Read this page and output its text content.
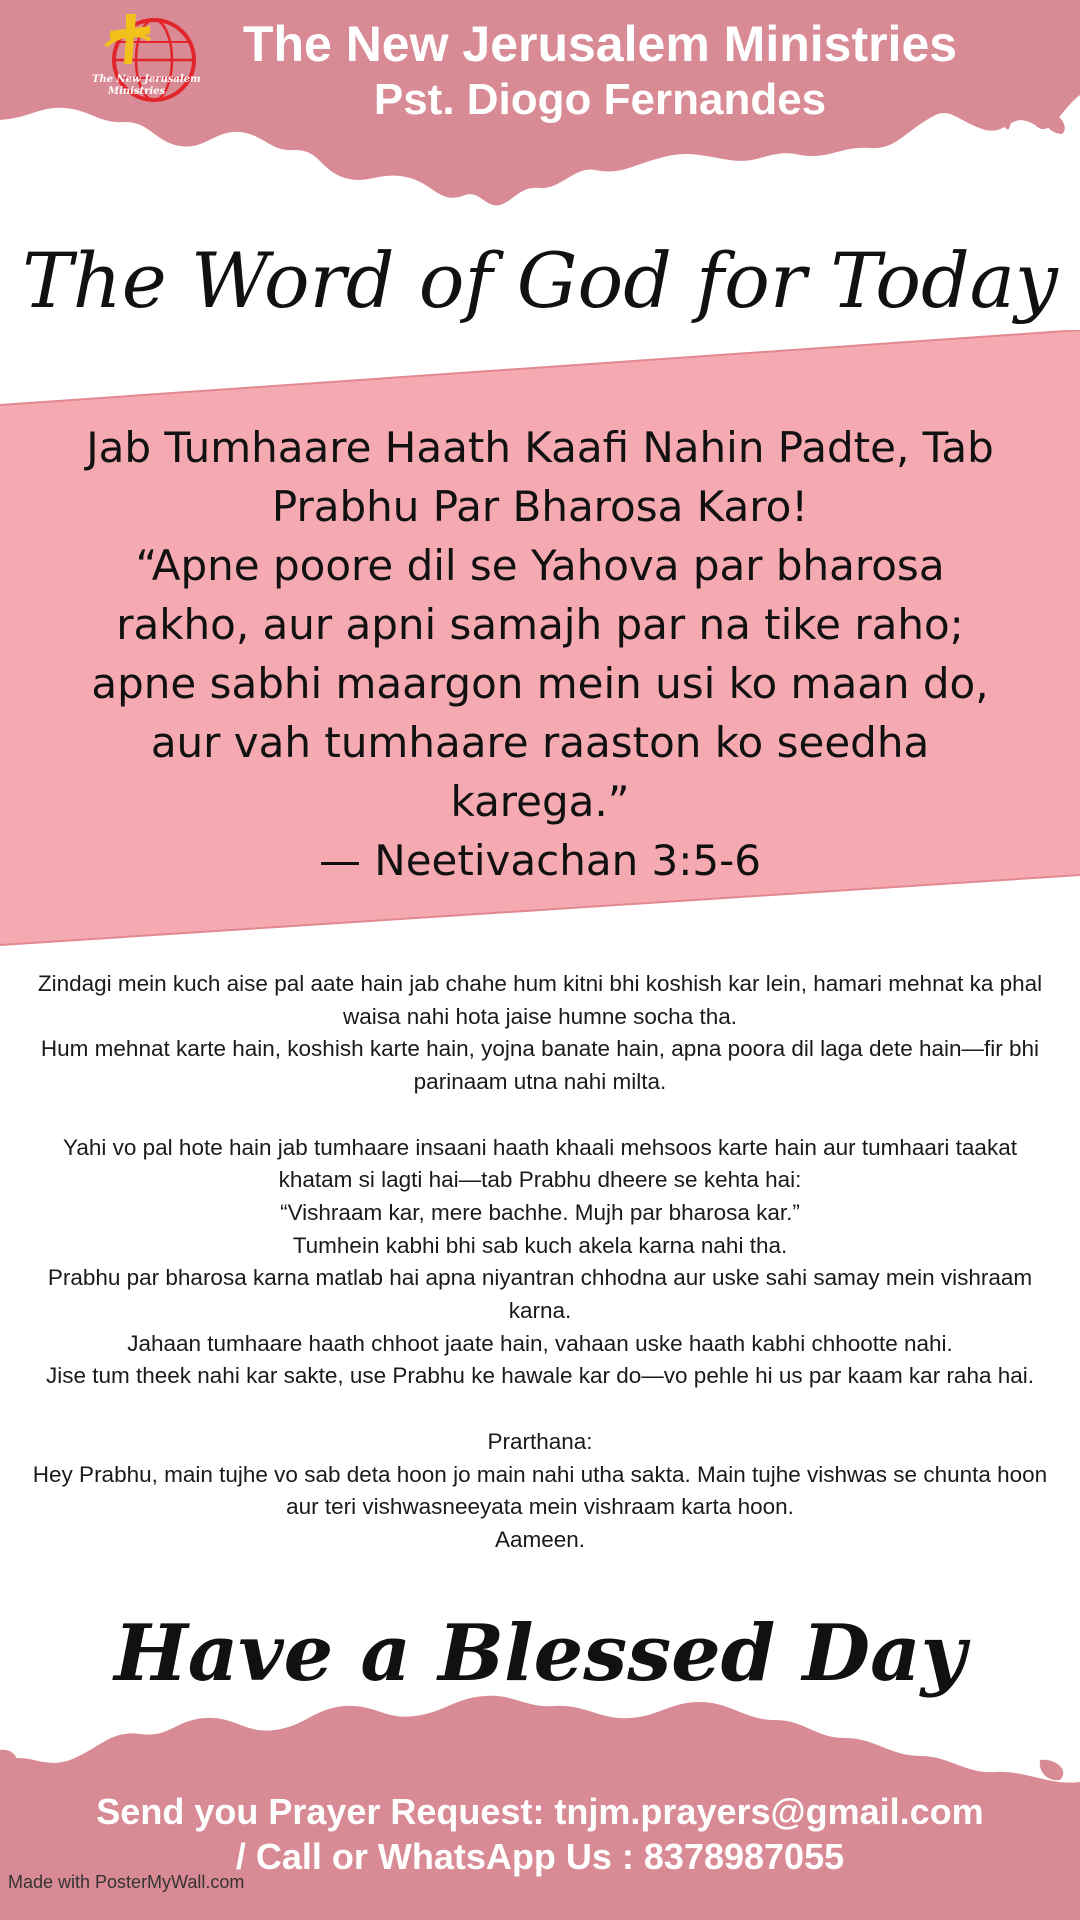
The New Jerusalem
Ministries
The New Jerusalem Ministries
Pst. Diogo Fernandes
The Word of God for Today
Jab Tumhaare Haath Kaafi Nahin Padte, Tab
Prabhu Par Bharosa Karo!
“Apne poore dil se Yahova par bharosa
rakho, aur apni samajh par na tike raho;
apne sabhi maargon mein usi ko maan do,
aur vah tumhaare raaston ko seedha
karega.”
— Neetivachan 3:5-6

Zindagi mein kuch aise pal aate hain jab chahe hum kitni bhi koshish kar lein, hamari mehnat ka phal waisa nahi hota jaise humne socha tha.

Hum mehnat karte hain, koshish karte hain, yojna banate hain, apna poora dil laga dete hain—fir bhi parinaam utna nahi milta.

Yahi vo pal hote hain jab tumhaare insaani haath khaali mehsoos karte hain aur tumhaari taakat khatam si lagti hai—tab Prabhu dheere se kehta hai:

“Vishraam kar, mere bachhe. Mujh par bharosa kar.”

Tumhein kabhi bhi sab kuch akela karna nahi tha.

Prabhu par bharosa karna matlab hai apna niyantran chhodna aur uske sahi samay mein vishraam karna.

Jahaan tumhaare haath chhoot jaate hain, vahaan uske haath kabhi chhootte nahi.

Jise tum theek nahi kar sakte, use Prabhu ke hawale kar do—vo pehle hi us par kaam kar raha hai.

Prarthana:

Hey Prabhu, main tujhe vo sab deta hoon jo main nahi utha sakta. Main tujhe vishwas se chunta hoon aur teri vishwasneeyata mein vishraam karta hoon.

Aameen.

Have a Blessed Day
Send you Prayer Request: tnjm.prayers@gmail.com
/ Call or WhatsApp Us : 8378987055
Made with PosterMyWall.com
